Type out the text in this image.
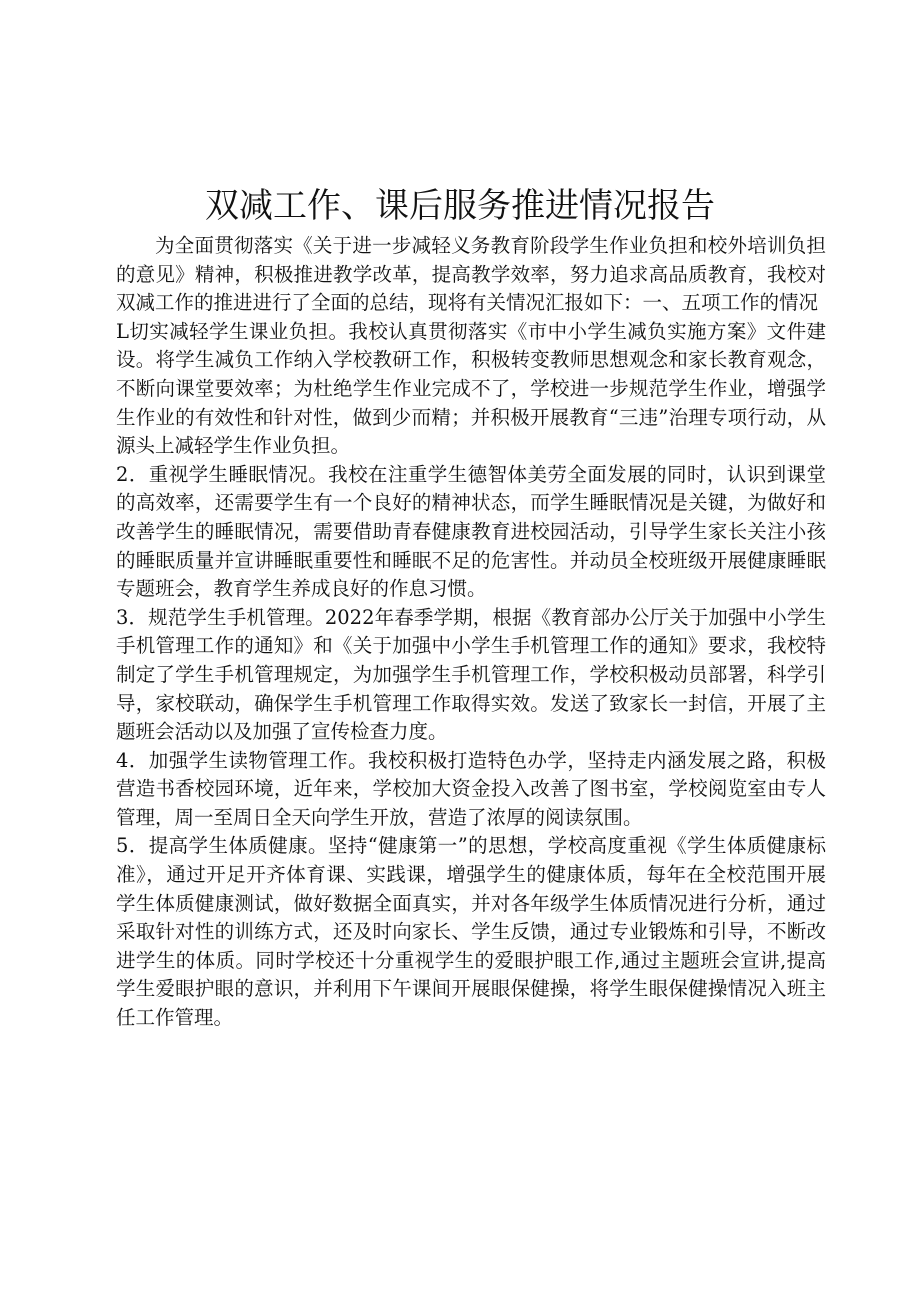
双减工作、课后服务推进情况报告

为全面贯彻落实《关于进一步减轻义务教育阶段学生作业负担和校外培训负担的意见》精神，积极推进教学改革，提高教学效率，努力追求高品质教育，我校对双减工作的推进进行了全面的总结，现将有关情况汇报如下：一、五项工作的情况

L切实减轻学生课业负担。我校认真贯彻落实《市中小学生减负实施方案》文件建设。将学生减负工作纳入学校教研工作，积极转变教师思想观念和家长教育观念，不断向课堂要效率；为杜绝学生作业完成不了，学校进一步规范学生作业，增强学生作业的有效性和针对性，做到少而精；并积极开展教育“三违”治理专项行动，从源头上减轻学生作业负担。

2．重视学生睡眠情况。我校在注重学生德智体美劳全面发展的同时，认识到课堂的高效率，还需要学生有一个良好的精神状态，而学生睡眠情况是关键，为做好和改善学生的睡眠情况，需要借助青春健康教育进校园活动，引导学生家长关注小孩的睡眠质量并宣讲睡眠重要性和睡眠不足的危害性。并动员全校班级开展健康睡眠专题班会，教育学生养成良好的作息习惯。

3．规范学生手机管理。2022年春季学期，根据《教育部办公厅关于加强中小学生手机管理工作的通知》和《关于加强中小学生手机管理工作的通知》要求，我校特制定了学生手机管理规定，为加强学生手机管理工作，学校积极动员部署，科学引导，家校联动，确保学生手机管理工作取得实效。发送了致家长一封信，开展了主题班会活动以及加强了宣传检查力度。

4．加强学生读物管理工作。我校积极打造特色办学，坚持走内涵发展之路，积极营造书香校园环境，近年来，学校加大资金投入改善了图书室，学校阅览室由专人管理，周一至周日全天向学生开放，营造了浓厚的阅读氛围。

5．提高学生体质健康。坚持“健康第一”的思想，学校高度重视《学生体质健康标准》，通过开足开齐体育课、实践课，增强学生的健康体质，每年在全校范围开展学生体质健康测试，做好数据全面真实，并对各年级学生体质情况进行分析，通过采取针对性的训练方式，还及时向家长、学生反馈，通过专业锻炼和引导，不断改进学生的体质。同时学校还十分重视学生的爱眼护眼工作,通过主题班会宣讲,提高学生爱眼护眼的意识，并利用下午课间开展眼保健操，将学生眼保健操情况入班主任工作管理。
